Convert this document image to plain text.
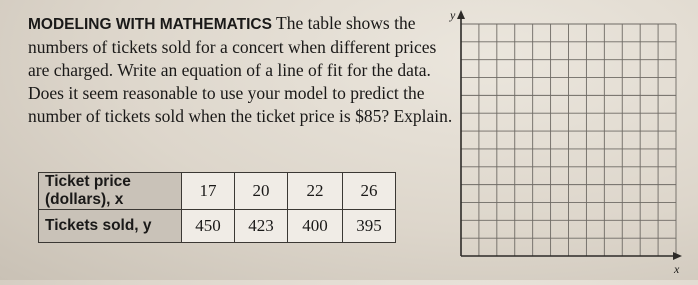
MODELING WITH MATHEMATICS The table shows the numbers of tickets sold for a concert when different prices are charged. Write an equation of a line of fit for the data. Does it seem reasonable to use your model to predict the number of tickets sold when the ticket price is $85? Explain.
Ticket price
(dollars), x	17	20	22	26
Tickets sold, y	450	423	400	395
y
x
